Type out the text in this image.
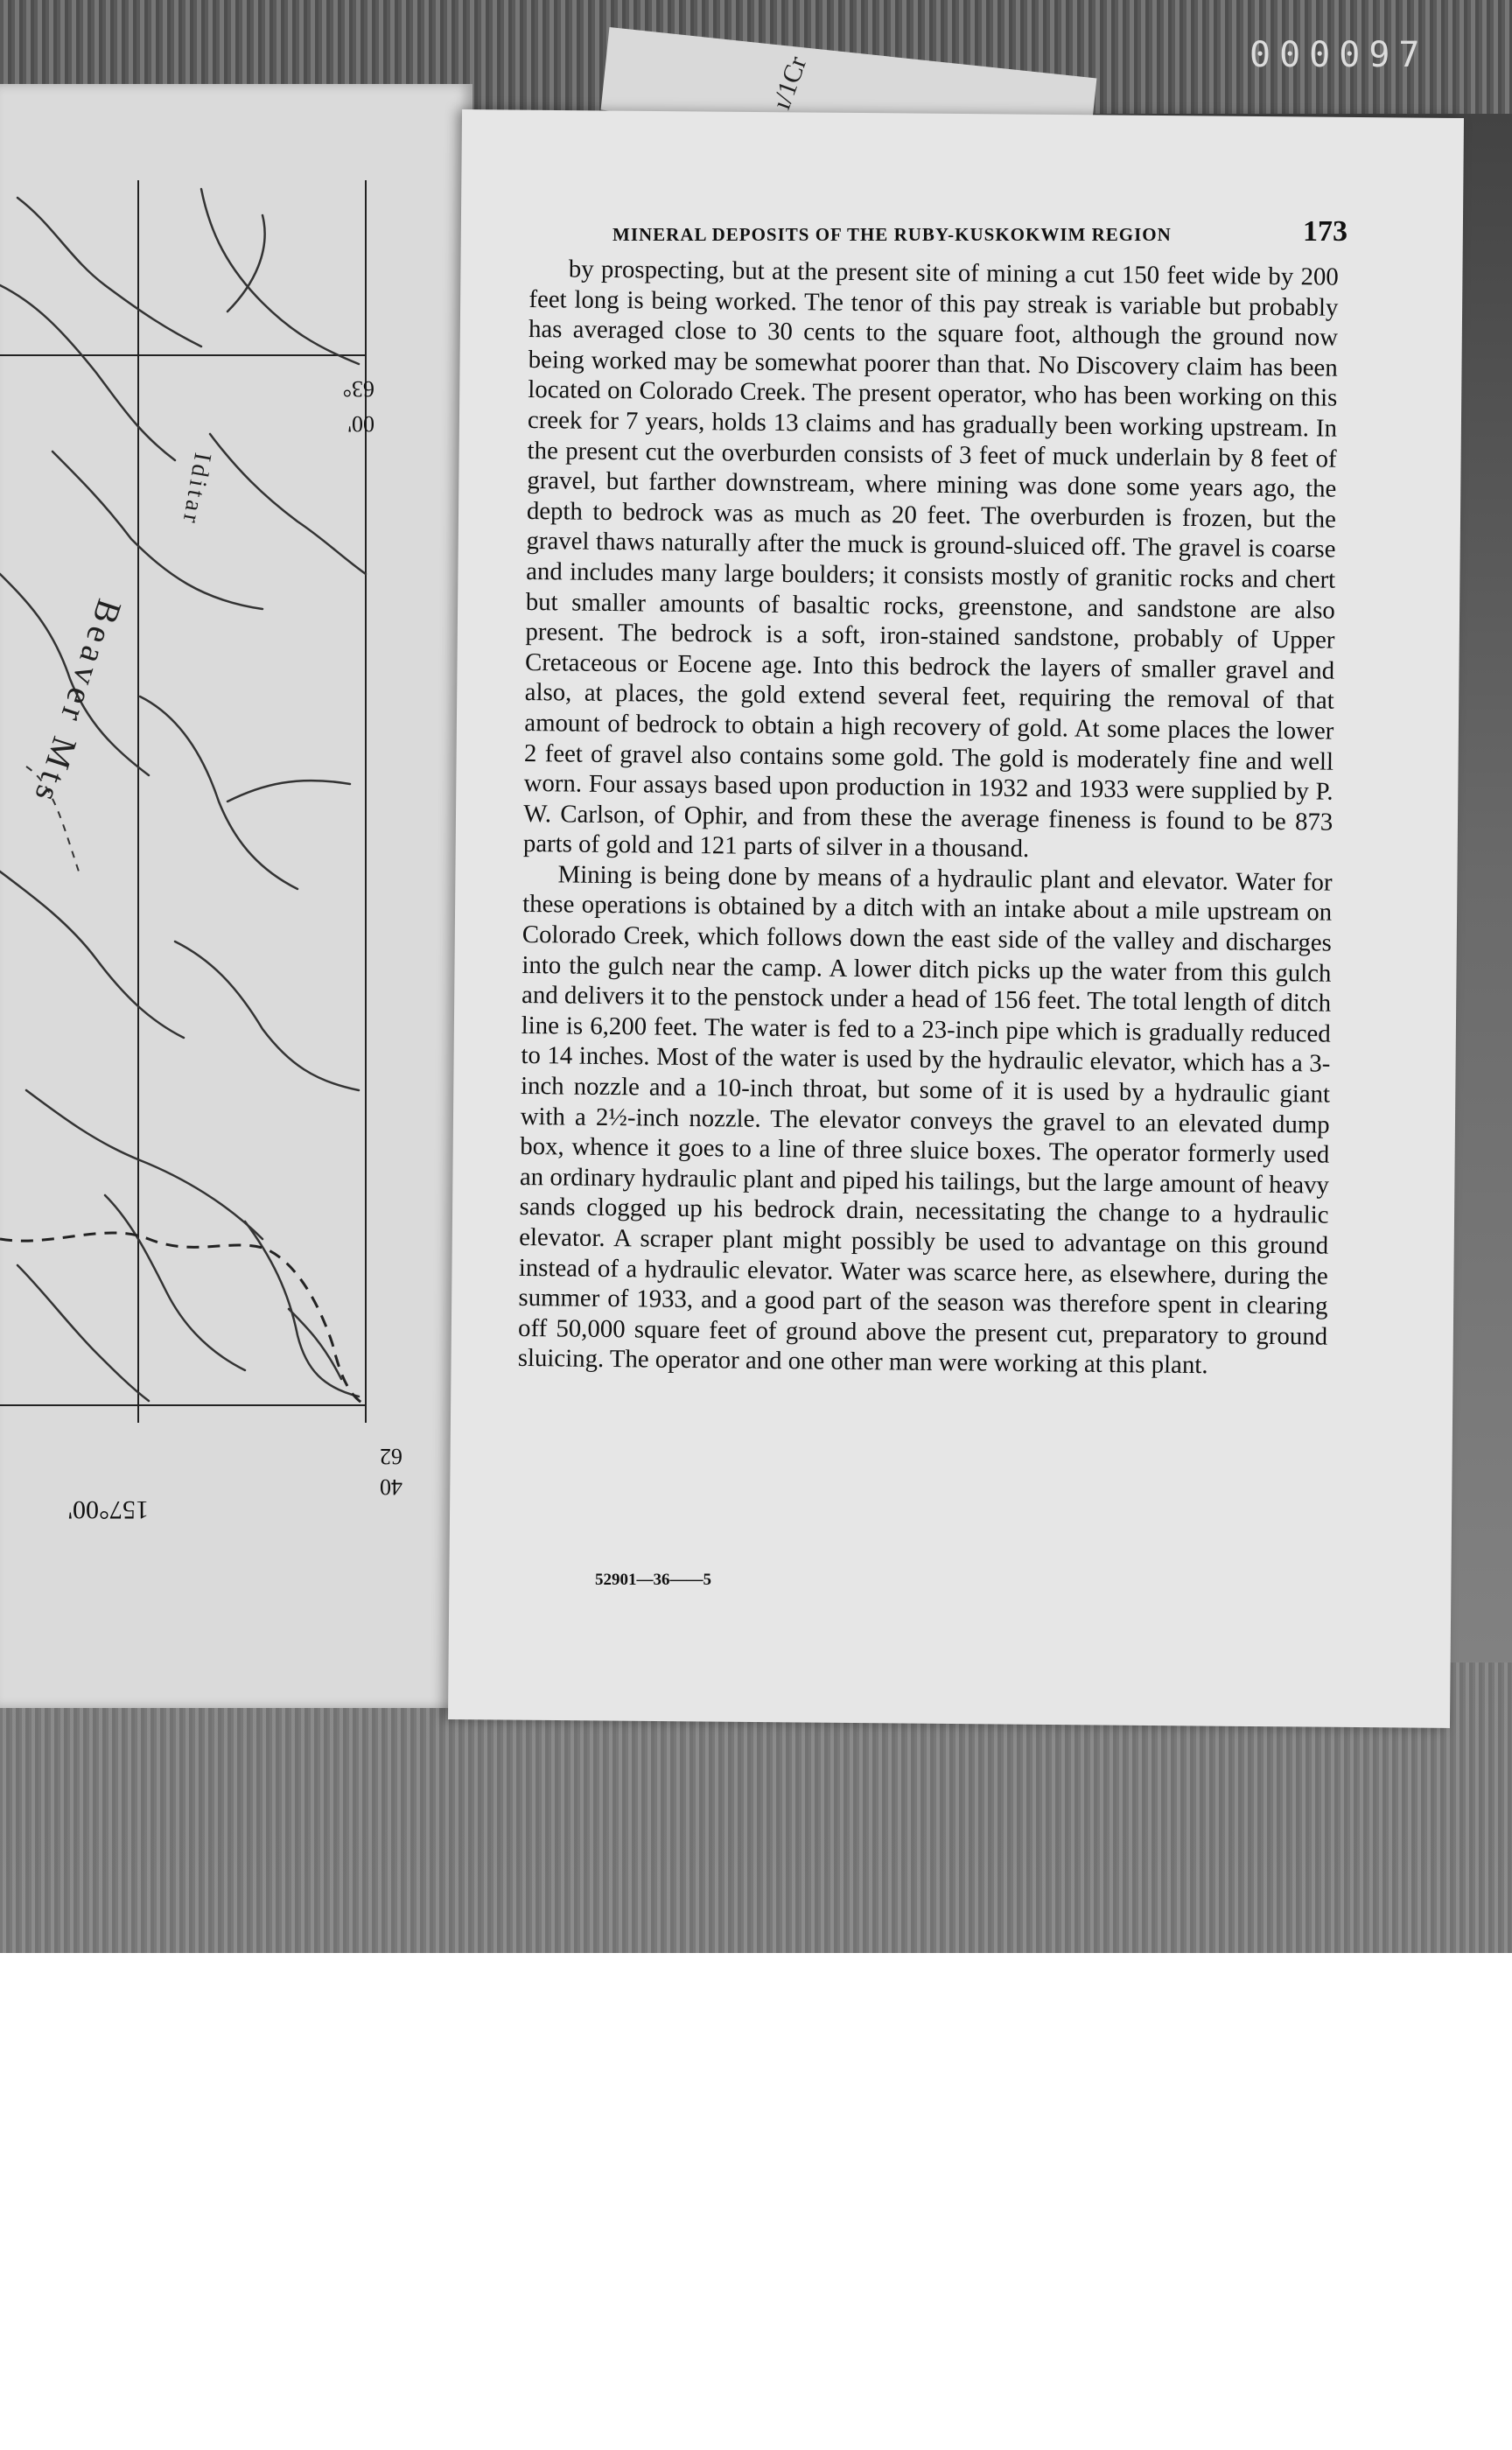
ı/1Cr	000097
63°
00'
62
40
157°00'
Beaver Mts
Iditar
MINERAL DEPOSITS OF THE RUBY-KUSKOKWIM REGION	173

by prospecting, but at the present site of mining a cut 150 feet wide by 200 feet long is being worked. The tenor of this pay streak is variable but probably has averaged close to 30 cents to the square foot, although the ground now being worked may be somewhat poorer than that. No Discovery claim has been located on Colorado Creek. The present operator, who has been working on this creek for 7 years, holds 13 claims and has gradually been working upstream. In the present cut the overburden consists of 3 feet of muck underlain by 8 feet of gravel, but farther downstream, where mining was done some years ago, the depth to bedrock was as much as 20 feet. The overburden is frozen, but the gravel thaws naturally after the muck is ground-sluiced off. The gravel is coarse and includes many large boulders; it consists mostly of granitic rocks and chert but smaller amounts of basaltic rocks, greenstone, and sandstone are also present. The bedrock is a soft, iron-stained sandstone, probably of Upper Cretaceous or Eocene age. Into this bedrock the layers of smaller gravel and also, at places, the gold extend several feet, requiring the removal of that amount of bedrock to obtain a high recovery of gold. At some places the lower 2 feet of gravel also contains some gold. The gold is moderately fine and well worn. Four assays based upon production in 1932 and 1933 were supplied by P. W. Carlson, of Ophir, and from these the average fineness is found to be 873 parts of gold and 121 parts of silver in a thousand.

Mining is being done by means of a hydraulic plant and elevator. Water for these operations is obtained by a ditch with an intake about a mile upstream on Colorado Creek, which follows down the east side of the valley and discharges into the gulch near the camp. A lower ditch picks up the water from this gulch and delivers it to the penstock under a head of 156 feet. The total length of ditch line is 6,200 feet. The water is fed to a 23-inch pipe which is gradually reduced to 14 inches. Most of the water is used by the hydraulic elevator, which has a 3-inch nozzle and a 10-inch throat, but some of it is used by a hydraulic giant with a 2½-inch nozzle. The elevator conveys the gravel to an elevated dump box, whence it goes to a line of three sluice boxes. The operator formerly used an ordinary hydraulic plant and piped his tailings, but the large amount of heavy sands clogged up his bedrock drain, necessitating the change to a hydraulic elevator. A scraper plant might possibly be used to advantage on this ground instead of a hydraulic elevator. Water was scarce here, as elsewhere, during the summer of 1933, and a good part of the season was therefore spent in clearing off 50,000 square feet of ground above the present cut, preparatory to ground sluicing. The operator and one other man were working at this plant.

52901—36——5
